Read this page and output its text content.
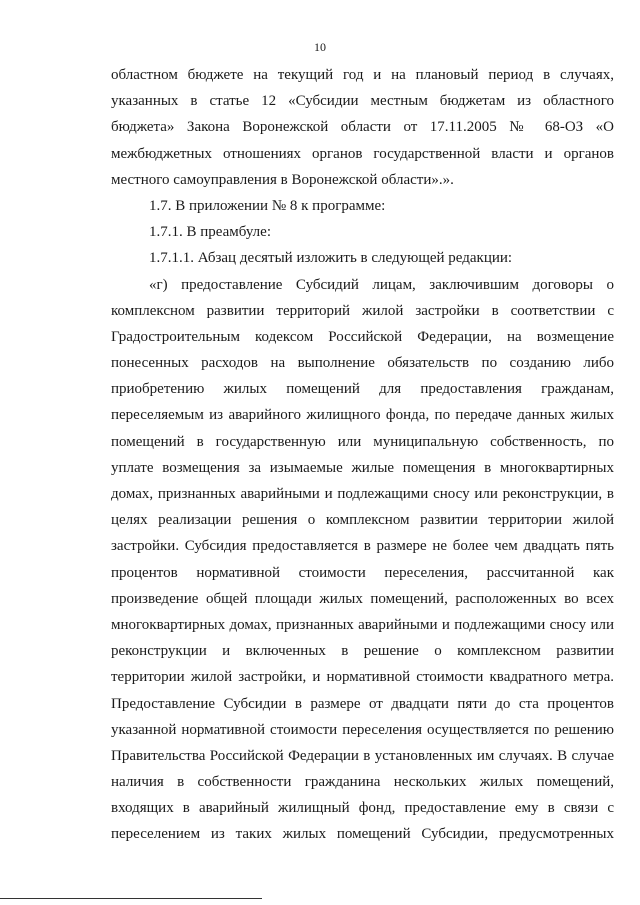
10
областном бюджете на текущий год и на плановый период в случаях,
указанных в статье 12 «Субсидии местным бюджетам из областного
бюджета» Закона Воронежской области от 17.11.2005 № 68-ОЗ «О
межбюджетных отношениях органов государственной власти и органов
местного самоуправления в Воронежской области».».
1.7. В приложении № 8 к программе:
1.7.1. В преамбуле:
1.7.1.1. Абзац десятый изложить в следующей редакции:
«г) предоставление Субсидий лицам, заключившим договоры о
комплексном развитии территорий жилой застройки в соответствии с
Градостроительным кодексом Российской Федерации, на возмещение
понесенных расходов на выполнение обязательств по созданию либо
приобретению жилых помещений для предоставления гражданам,
переселяемым из аварийного жилищного фонда, по передаче данных жилых
помещений в государственную или муниципальную собственность, по
уплате возмещения за изымаемые жилые помещения в многоквартирных
домах, признанных аварийными и подлежащими сносу или реконструкции, в
целях реализации решения о комплексном развитии территории жилой
застройки. Субсидия предоставляется в размере не более чем двадцать пять
процентов нормативной стоимости переселения, рассчитанной как
произведение общей площади жилых помещений, расположенных во всех
многоквартирных домах, признанных аварийными и подлежащими сносу или
реконструкции и включенных в решение о комплексном развитии
территории жилой застройки, и нормативной стоимости квадратного метра.
Предоставление Субсидии в размере от двадцати пяти до ста процентов
указанной нормативной стоимости переселения осуществляется по решению
Правительства Российской Федерации в установленных им случаях. В случае
наличия в собственности гражданина нескольких жилых помещений,
входящих в аварийный жилищный фонд, предоставление ему в связи с
переселением из таких жилых помещений Субсидии, предусмотренных
